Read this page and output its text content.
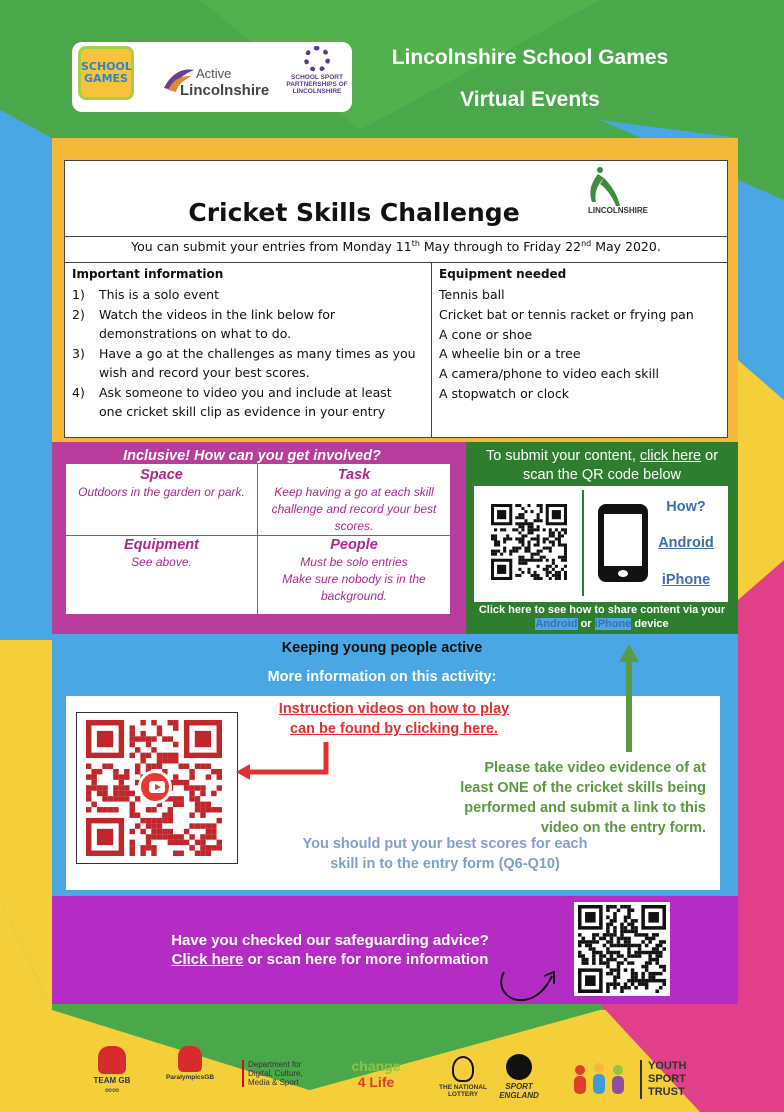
SCHOOL GAMES	Active
Lincolnshire
SCHOOL SPORT PARTNERSHIPS OF LINCOLNSHIRE
Lincolnshire School Games
Virtual Events
Cricket Skills Challenge	LINCOLNSHIRE
You can submit your entries from Monday 11th May through to Friday 22nd May 2020.
Important information
1)	This is a solo event
2)	Watch the videos in the link below for demonstrations on what to do.
3)	Have a go at the challenges as many times as you wish and record your best scores.
4)	Ask someone to video you and include at least one cricket skill clip as evidence in your entry
Equipment needed
Tennis ball
Cricket bat or tennis racket or frying pan
A cone or shoe
A wheelie bin or a tree
A camera/phone to video each skill
A stopwatch or clock
Inclusive! How can you get involved?
Space
Outdoors in the garden or park.
Task
Keep having a go at each skill challenge and record your best scores.
Equipment
See above.
People
Must be solo entries
Make sure nobody is in the background.
To submit your content, click here or scan the QR code below
How?
Android
iPhone
Click here to see how to share content via your Android or iPhone device
Keeping young people active
More information on this activity:
Instruction videos on how to play
can be found by clicking here.
Please take video evidence of at
least ONE of the cricket skills being
performed and submit a link to this
video on the entry form.
You should put your best scores for each
skill in to the entry form (Q6-Q10)
Have you checked our safeguarding advice?
Click here or scan here for more information
TEAM GB
∞∞
ParalympicsGB
Department for
Digital, Culture,
Media & Sport
change
4 Life	THE NATIONAL LOTTERY
SPORT
ENGLAND
YOUTH
SPORT
TRUST
